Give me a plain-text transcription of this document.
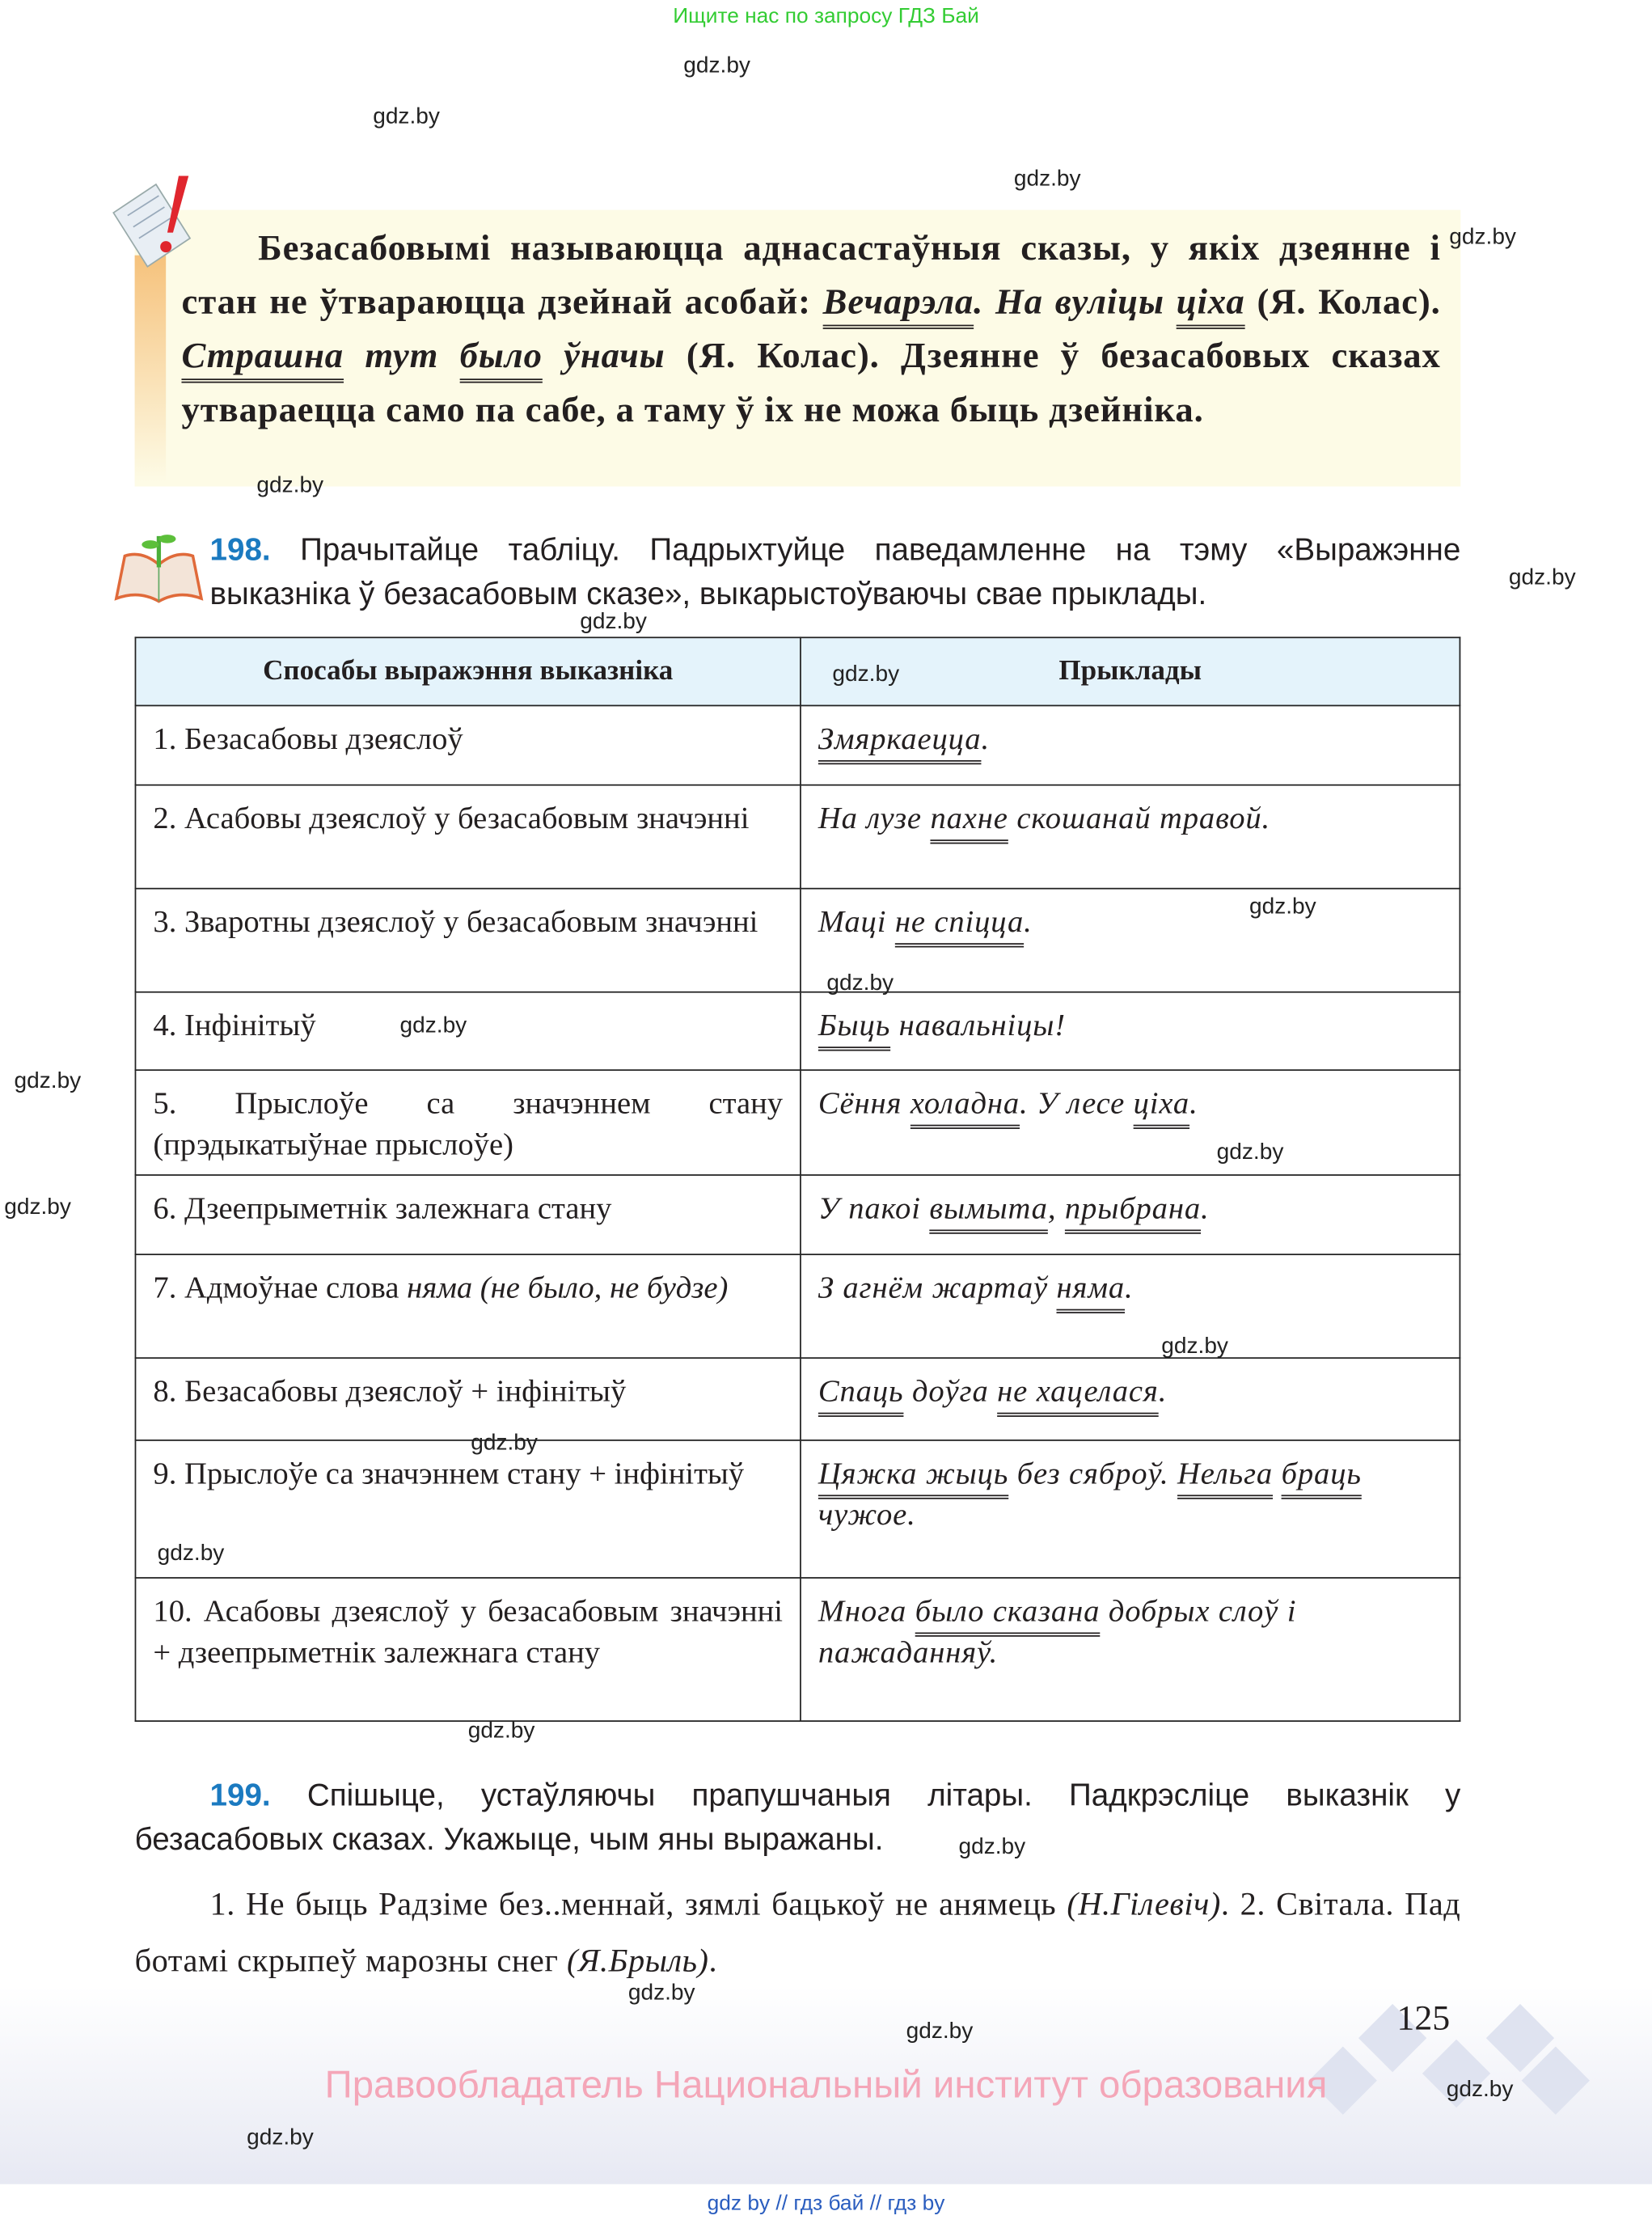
Ищите нас по запросу ГДЗ Бай
Безасабовымі называюцца аднасастаўныя сказы, у якіх дзеянне і стан не ўтвараюцца дзейнай асобай: Вечарэла. На вуліцы ціха (Я. Колас). Страшна тут было ўначы (Я. Колас). Дзеянне ў безасабовых сказах утвараецца само па сабе, а таму ў іх не можа быць дзейніка.
198. Прачытайце табліцу. Падрыхтуйце паведамленне на тэму «Выражэнне выказніка ў безасабовым сказе», выкарыстоўваючы свае прыклады.
Спосабы выражэння выказніка	Прыклады
1. Безасабовы дзеяслоў	Змяркаецца.
2. Асабовы дзеяслоў у безасабовым значэнні	На лузе пахне скошанай травой.
3. Зваротны дзеяслоў у безасабовым значэнні	Маці не спіцца.
4. Інфінітыў	Быць навальніцы!
5. Прыслоўе са значэннем стану (прэдыкатыўнае прыслоўе)	Сёння холадна. У лесе ціха.
6. Дзеепрыметнік залежнага стану	У пакоі вымыта, прыбрана.
7. Адмоўнае слова няма (не было, не будзе)	З агнём жартаў няма.
8. Безасабовы дзеяслоў + інфінітыў	Спаць доўга не хацелася.
9. Прыслоўе са значэннем стану + інфінітыў	Цяжка жыць без сяброў. Нельга браць чужое.
10. Асабовы дзеяслоў у безасабовым значэнні + дзеепрыметнік залежнага стану	Многа было сказана добрых слоў і пажаданняў.
199. Спішыце, устаўляючы прапушчаныя літары. Падкрэсліце выказнік у безасабовых сказах. Укажыце, чым яны выражаны.
1. Не быць Радзіме без..меннай, зямлі бацькоў не анямець (Н.Гілевіч). 2. Світала. Пад ботамі скрыпеў марозны снег (Я.Брыль).
125
Правообладатель Национальный институт образования
gdz by // гдз бай // гдз by
gdz.by
gdz.by
gdz.by
gdz.by
gdz.by
gdz.by
gdz.by
gdz.by
gdz.by
gdz.by
gdz.by
gdz.by
gdz.by
gdz.by
gdz.by
gdz.by
gdz.by
gdz.by
gdz.by
gdz.by
gdz.by
gdz.by
gdz.by
